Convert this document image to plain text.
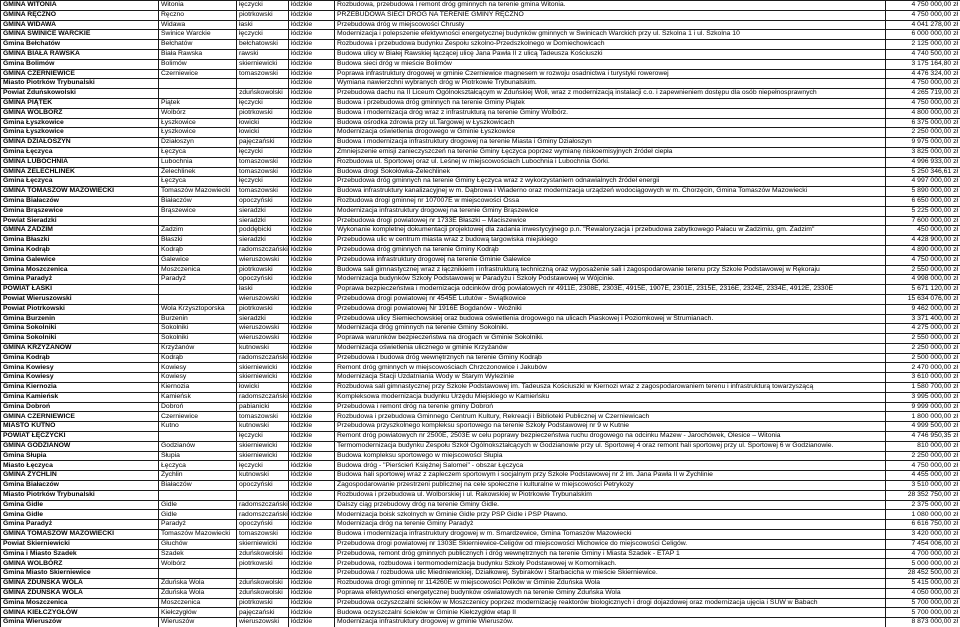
GMINA WITONIA	Witonia	łęczycki	łódzkie	Rozbudowa, przebudowa i remont dróg gminnych na terenie gmina Witonia.	4 750 000,00 zł
GMINA RĘCZNO	Ręczno	piotrkowski	łódzkie	PRZEBUDOWA SIECI DRÓG NA TERENIE GMINY RĘCZNO	4 750 000,00 zł
GMINA WIDAWA	Widawa	łaski	łódzkie	Przebudowa dróg w miejscowości Chrusty	4 041 278,00 zł
GMINA ŚWINICE WARCKIE	Świnice Warckie	łęczycki	łódzkie	Modernizacja i polepszenie efektywności energetycznej budynków gminnych w Świnicach Warckich przy ul. Szkolna 1 i ul. Szkolna 10	6 000 000,00 zł
Gmina Bełchatów	Bełchatów	bełchatowski	łódzkie	Rozbudowa i przebudowa budynku Zespołu szkolno-Przedszkolnego w Domiechowicach	2 125 000,00 zł
GMINA BIAŁA RAWSKA	Biała Rawska	rawski	łódzkie	Budowa ulicy w Białej Rawskiej łączącej ulicę Jana Pawła II z ulicą Tadeusza Kościuszki	4 740 500,00 zł
Gmina Bolimów	Bolimów	skierniewicki	łódzkie	Budowa sieci dróg w mieście Bolimów	3 175 164,80 zł
GMINA CZERNIEWICE	Czerniewice	tomaszowski	łódzkie	Poprawa infrastruktury drogowej w gminie Czerniewice magnesem w rozwoju osadnictwa i turystyki rowerowej	4 476 324,00 zł
Miasto Piotrków Trybunalski			łódzkie	Wymiana nawierzchni wybranych dróg w Piotrkowie Trybunalskim.	4 750 000,00 zł
Powiat Zduńskowolski		zduńskowolski	łódzkie	Przebudowa dachu na II Liceum Ogólnokształcącym w Zduńskiej Woli, wraz z modernizacją instalacji c.o. i zapewnieniem dostępu dla osób niepełnosprawnych	4 265 719,00 zł
GMINA PIĄTEK	Piątek	łęczycki	łódzkie	Budowa i przebudowa dróg gminnych na terenie Gminy Piątek	4 750 000,00 zł
GMINA WOLBÓRZ	Wolbórz	piotrkowski	łódzkie	Budowa i modernizacja dróg wraz z infrastrukturą na terenie Gminy Wolbórz.	4 800 000,00 zł
Gmina Łyszkowice	Łyszkowice	łowicki	łódzkie	Budowa ośrodka zdrowia przy ul.Targowej w Łyszkowicach	6 375 000,00 zł
Gmina Łyszkowice	Łyszkowice	łowicki	łódzkie	Modernizacja oświetlenia drogowego w Gminie Łyszkowice	2 250 000,00 zł
GMINA DZIAŁOSZYN	Działoszyn	pajęczański	łódzkie	Budowa i modernizacja infrastruktury drogowej na terenie Miasta i Gminy Działoszyn	9 975 000,00 zł
Gmina Łęczyca	Łęczyca	łęczycki	łódzkie	Zmniejszenie emisji zanieczyszczeń na terenie Gminy Łęczyca poprzez wymianę niskoemisyjnych źródeł ciepła	3 825 000,00 zł
GMINA LUBOCHNIA	Lubochnia	tomaszowski	łódzkie	Rozbudowa ul. Sportowej oraz ul. Leśnej w miejscowościach Lubochnia i Lubochnia Górki.	4 996 933,00 zł
GMINA ŻELECHLINEK	Żelechlinek	tomaszowski	łódzkie	Budowa drogi Sokołówka-Żelechlinek	5 250 346,61 zł
Gmina Łęczyca	Łęczyca	łęczycki	łódzkie	Przebudowa dróg gminnych na terenie Gminy Łęczyca wraz z wykorzystaniem odnawialnych źródeł energii	4 997 000,00 zł
GMINA TOMASZÓW MAZOWIECKI	Tomaszów Mazowiecki	tomaszowski	łódzkie	Budowa infrastruktury kanalizacyjnej w m. Dąbrowa i Wiaderno oraz modernizacja urządzeń wodociągowych w m. Chorzęcin, Gmina Tomaszów Mazowiecki	5 890 000,00 zł
Gmina Białaczów	Białaczów	opoczyński	łódzkie	Rozbudowa drogi gminnej nr 107007E w miejscowości Ossa	6 650 000,00 zł
Gmina Brąszewice	Brąszewice	sieradzki	łódzkie	Modernizacja infrastruktury drogowej na terenie Gminy Brąszewice	5 225 000,00 zł
Powiat Sieradzki		sieradzki	łódzkie	Przebudowa drogi powiatowej nr 1733E Błaszki – Maciszewice	7 600 000,00 zł
GMINA ZADZIM	Zadzim	poddębicki	łódzkie	Wykonanie kompletnej dokumentacji projektowej dla zadania inwestycyjnego p.n. "Rewaloryzacja i przebudowa zabytkowego Pałacu w Zadzimiu, gm. Zadzim"	450 000,00 zł
Gmina Błaszki	Błaszki	sieradzki	łódzkie	Przebudowa ulic w centrum miasta wraz z budową targowiska miejskiego	4 428 900,00 zł
Gmina Kodrąb	Kodrąb	radomszczański	łódzkie	Przebudowa dróg gminnych na terenie Gminy Kodrąb	4 890 000,00 zł
Gmina Galewice	Galewice	wieruszowski	łódzkie	Przebudowa infrastruktury drogowej na terenie Gminie Galewice	4 750 000,00 zł
Gmina Moszczenica	Moszczenica	piotrkowski	łódzkie	Budowa sali gimnastycznej wraz z łącznikiem i infrastrukturą techniczną oraz wyposażenie sali i zagospodarowanie terenu przy Szkole Podstawowej w Rękoraju	2 550 000,00 zł
Gmina Paradyż	Paradyż	opoczyński	łódzkie	Modernizacja budynków Szkoły Podstawowej w Paradyżu i Szkoły Podstawowej w Wójcinie.	4 998 000,00 zł
POWIAT ŁASKI		łaski	łódzkie	Poprawa bezpieczeństwa i modernizacja odcinków dróg powiatowych nr 4911E, 2308E, 2303E, 4915E, 1907E, 2301E, 2315E, 2316E, 2324E, 2334E, 4912E, 2330E	5 671 120,00 zł
Powiat Wieruszowski		wieruszowski	łódzkie	Przebudowa drogi powiatowej nr 4545E Lututów - Świątkowice	15 634 076,00 zł
Powiat Piotrkowski	Wola Krzysztoporska	piotrkowski	łódzkie	Przebudowa drogi powiatowej Nr 1916E Bogdanów - Woźniki	9 462 000,00 zł
Gmina Burzenin	Burzenin	sieradzki	łódzkie	Przebudowa ulicy Siemiechowskiej oraz budowa oświetlenia drogowego na ulicach Piaskowej i Poziomkowej w Strumianach.	3 371 400,00 zł
Gmina Sokolniki	Sokolniki	wieruszowski	łódzkie	Modernizacja dróg gminnych na terenie Gminy Sokolniki.	4 275 000,00 zł
Gmina Sokolniki	Sokolniki	wieruszowski	łódzkie	Poprawa warunków bezpieczeństwa na drogach w Gminie Sokolniki.	2 550 000,00 zł
GMINA KRZYŻANÓW	Krzyżanów	kutnowski	łódzkie	Modernizacja oświetlenia ulicznego w gminie Krzyżanów	2 250 000,00 zł
Gmina Kodrąb	Kodrąb	radomszczański	łódzkie	Przebudowa i budowa dróg wewnętrznych na terenie Gminy Kodrąb	2 500 000,00 zł
Gmina Kowiesy	Kowiesy	skierniewicki	łódzkie	Remont dróg gminnych w miejscowościach Chrzczonowice i Jakubów	2 470 000,00 zł
Gmina Kowiesy	Kowiesy	skierniewicki	łódzkie	Modernizacja Stacji Uzdatniania Wody w Starym Wylezinie	3 610 000,00 zł
Gmina Kiernozia	Kiernozia	łowicki	łódzkie	Rozbudowa sali gimnastycznej przy Szkole Podstawowej im. Tadeusza Kościuszki w Kiernozi wraz z zagospodarowaniem terenu i infrastrukturą towarzyszącą	1 580 700,00 zł
Gmina Kamieńsk	Kamieńsk	radomszczański	łódzkie	Kompleksowa modernizacja budynku Urzędu Miejskiego w Kamieńsku	3 995 000,00 zł
Gmina Dobroń	Dobroń	pabianicki	łódzkie	Przebudowa i remont dróg na terenie gminy Dobroń	9 999 000,00 zł
GMINA CZERNIEWICE	Czerniewice	tomaszowski	łódzkie	Rozbudowa i przebudowa Gminnego Centrum Kultury, Rekreacji i Biblioteki Publicznej w Czerniewicach	1 800 000,00 zł
MIASTO KUTNO	Kutno	kutnowski	łódzkie	Przebudowa przyszkolnego kompleksu sportowego na terenie Szkoły Podstawowej nr 9 w Kutnie	4 999 500,00 zł
POWIAT ŁĘCZYCKI		łęczycki	łódzkie	Remont dróg powiatowych nr 2500E, 2503E w celu poprawy bezpieczeństwa ruchu drogowego na odcinku Mazew - Jarochówek, Olesice – Witonia	4 746 950,35 zł
GMINA GODZIANÓW	Godzianów	skierniewicki	łódzkie	Termomodernizacja budynku Zespołu Szkół Ogólnokształcących w Godzianowie przy ul. Sportowej 4 oraz remont hali sportowej przy ul. Sportowej 6 w Godzianowie.	810 000,00 zł
Gmina Słupia	Słupia	skierniewicki	łódzkie	Budowa kompleksu sportowego w miejscowości Słupia	2 250 000,00 zł
Miasto Łęczyca	Łęczyca	łęczycki	łódzkie	Budowa dróg - "Pierścień Księżnej Salomei" - obszar Łęczyca	4 750 000,00 zł
GMINA ŻYCHLIN	Żychlin	kutnowski	łódzkie	Budowa hali sportowej wraz z zapleczem sportowym i socjalnym przy Szkole Podstawowej nr 2 im. Jana Pawła II w Żychlinie	4 455 000,00 zł
Gmina Białaczów	Białaczów	opoczyński	łódzkie	Zagospodarowanie przestrzeni publicznej na cele społeczne i kulturalne w miejscowości Petrykozy	3 510 000,00 zł
Miasto Piotrków Trybunalski			łódzkie	Rozbudowa i przebudowa ul. Wolborskiej i ul. Rakowskiej w Piotrkowie Trybunalskim	28 352 750,00 zł
Gmina Gidle	Gidle	radomszczański	łódzkie	Dalszy ciąg przebudowy dróg na terenie Gminy Gidle.	2 375 000,00 zł
Gmina Gidle	Gidle	radomszczański	łódzkie	Modernizacja boisk szkolnych w Gminie Gidle przy PSP Gidle i PSP Pławno.	1 080 000,00 zł
Gmina Paradyż	Paradyż	opoczyński	łódzkie	Modernizacja dróg na terenie Gminy Paradyż	6 616 750,00 zł
GMINA TOMASZÓW MAZOWIECKI	Tomaszów Mazowiecki	tomaszowski	łódzkie	Budowa i modernizacja infrastruktury drogowej w m. Smardzewice, Gmina Tomaszów Mazowiecki	3 420 000,00 zł
Powiat Skierniewicki	Głuchów	skierniewicki	łódzkie	Przebudowa drogi powiatowej nr 1303E Skierniewice-Celigów od miejscowości Michowice do miejscowości Celigów.	7 454 006,00 zł
Gmina i Miasto Szadek	Szadek	zduńskowolski	łódzkie	Przebudowa, remont dróg gminnych publicznych i dróg wewnętrznych na terenie Gminy i Miasta Szadek - ETAP 1	4 700 000,00 zł
GMINA WOLBÓRZ	Wolbórz	piotrkowski	łódzkie	Przebudowa, rozbudowa i termomodernizacja budynku Szkoły Podstawowej w Komornikach.	5 000 000,00 zł
Gmina Miasto Skierniewice			łódzkie	Przebudowa / rozbudowa ulic Miedniewickiej, Działkowej, Sybiraków i Starbacicha w mieście Skierniewice.	28 452 500,00 zł
GMINA ZDUŃSKA WOLA	Zduńska Wola	zduńskowolski	łódzkie	Rozbudowa drogi gminnej nr 114260E w miejscowości Polków w Gminie Zduńska Wola	5 415 000,00 zł
GMINA ZDUŃSKA WOLA	Zduńska Wola	zduńskowolski	łódzkie	Poprawa efektywności energetycznej budynków oświatowych na terenie Gminy Zduńska Wola	4 050 000,00 zł
Gmina Moszczenica	Moszczenica	piotrkowski	łódzkie	Przebudowa oczyszczalni ścieków w Moszczenicy poprzez modernizację reaktorów biologicznych i drogi dojazdowej oraz modernizacja ujęcia i SUW w Babach	5 700 000,00 zł
GMINA KIEŁCZYGŁÓW	Kiełczygłów	pajęczański	łódzkie	Budowa oczyszczalni ścieków w Gminie Kiełczygłów etap II	5 700 000,00 zł
Gmina Wieruszów	Wieruszów	wieruszowski	łódzkie	Modernizacja infrastruktury drogowej w gminie Wieruszów.	8 873 000,00 zł
